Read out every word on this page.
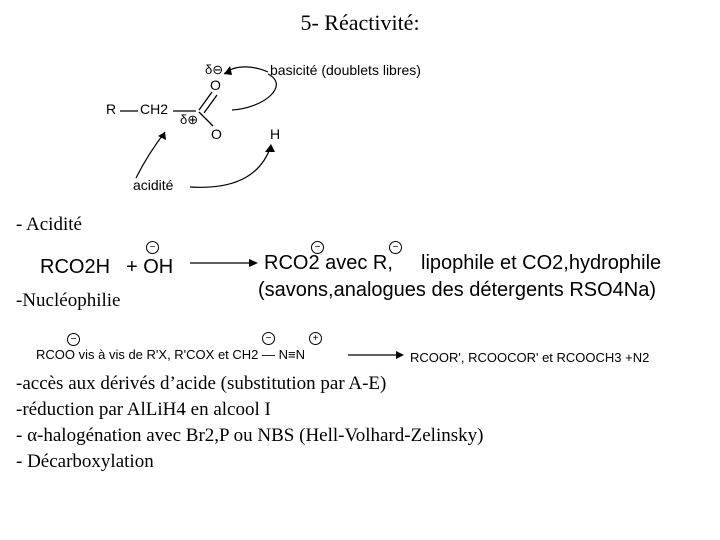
5- Réactivité:
R CH2
δ⊖
O
δ⊕
O	H
basicité (doublets libres)
acidité
- Acidité
RCO2H
−
+ OH
−	−
RCO2 avec R, lipophile et CO2,hydrophile
(savons,analogues des détergents RSO4Na)
-Nucléophilie
−	−	+
RCOO vis à vis de R'X, R'COX et CH2 — N≡N	RCOOR', RCOOCOR' et RCOOCH3 +N2
-accès aux dérivés d’acide (substitution par A-E)
-réduction par AlLiH4 en alcool I
- α-halogénation avec Br2,P ou NBS (Hell-Volhard-Zelinsky)
- Décarboxylation
